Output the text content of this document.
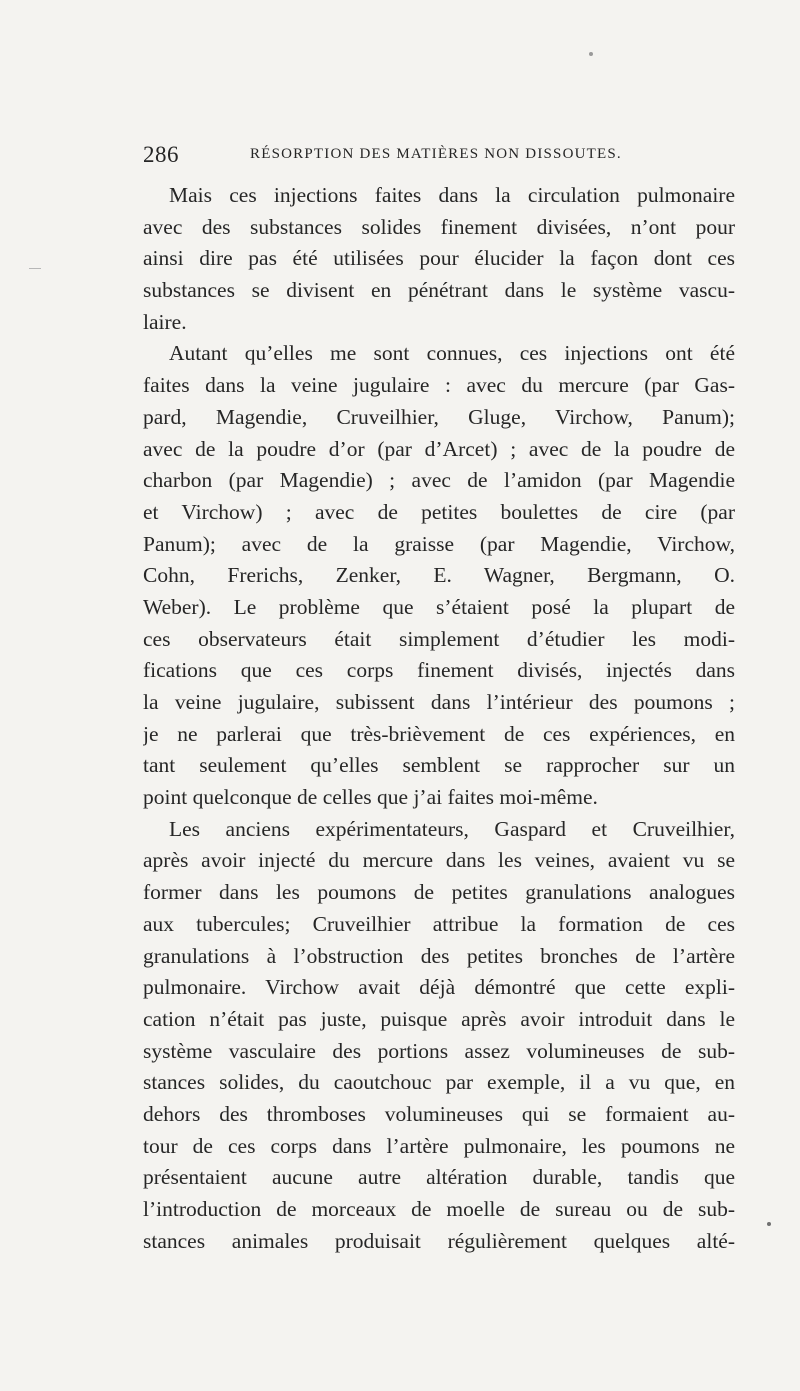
286	RÉSORPTION DES MATIÈRES NON DISSOUTES.
Mais ces injections faites dans la circulation pulmonaire
avec des substances solides finement divisées, n’ont pour
ainsi dire pas été utilisées pour élucider la façon dont ces
substances se divisent en pénétrant dans le système vascu-
laire.
Autant qu’elles me sont connues, ces injections ont été
faites dans la veine jugulaire : avec du mercure (par Gas-
pard, Magendie, Cruveilhier, Gluge, Virchow, Panum);
avec de la poudre d’or (par d’Arcet) ; avec de la poudre de
charbon (par Magendie) ; avec de l’amidon (par Magendie
et Virchow) ; avec de petites boulettes de cire (par
Panum); avec de la graisse (par Magendie, Virchow,
Cohn, Frerichs, Zenker, E. Wagner, Bergmann, O.
Weber). Le problème que s’étaient posé la plupart de
ces observateurs était simplement d’étudier les modi-
fications que ces corps finement divisés, injectés dans
la veine jugulaire, subissent dans l’intérieur des poumons ;
je ne parlerai que très-brièvement de ces expériences, en
tant seulement qu’elles semblent se rapprocher sur un
point quelconque de celles que j’ai faites moi-même.
Les anciens expérimentateurs, Gaspard et Cruveilhier,
après avoir injecté du mercure dans les veines, avaient vu se
former dans les poumons de petites granulations analogues
aux tubercules; Cruveilhier attribue la formation de ces
granulations à l’obstruction des petites bronches de l’artère
pulmonaire. Virchow avait déjà démontré que cette expli-
cation n’était pas juste, puisque après avoir introduit dans le
système vasculaire des portions assez volumineuses de sub-
stances solides, du caoutchouc par exemple, il a vu que, en
dehors des thromboses volumineuses qui se formaient au-
tour de ces corps dans l’artère pulmonaire, les poumons ne
présentaient aucune autre altération durable, tandis que
l’introduction de morceaux de moelle de sureau ou de sub-
stances animales produisait régulièrement quelques alté-
